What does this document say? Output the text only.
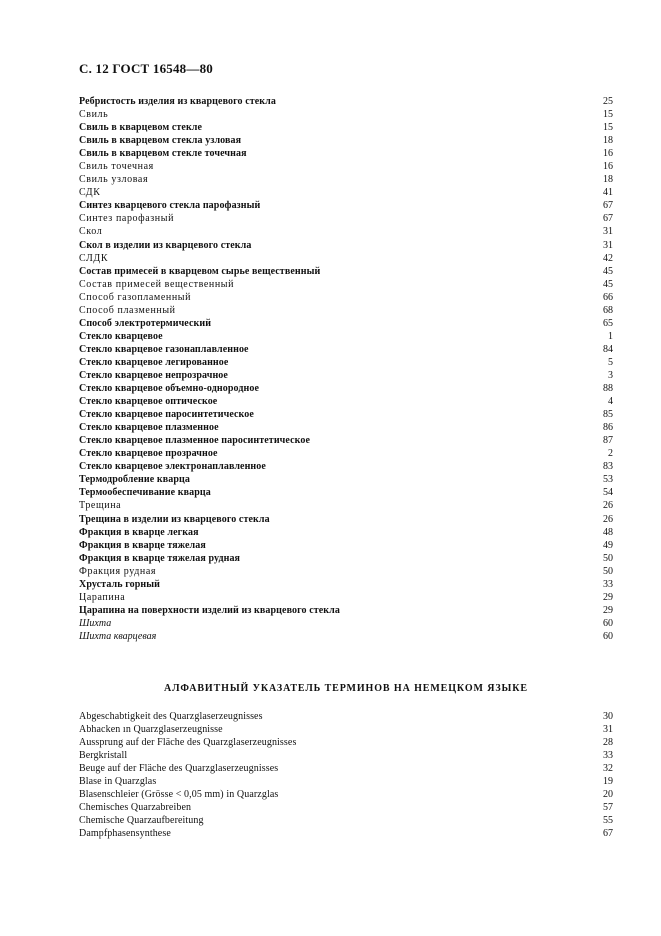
С. 12 ГОСТ 16548—80
Ребристость изделия из кварцевого стекла	25
Свиль	15
Свиль в кварцевом стекле	15
Свиль в кварцевом стекла узловая	18
Свиль в кварцевом стекле точечная	16
Свиль точечная	16
Свиль узловая	18
СДК	41
Синтез кварцевого стекла парофазный	67
Синтез парофазный	67
Скол	31
Скол в изделии из кварцевого стекла	31
СЛДК	42
Состав примесей в кварцевом сырье вещественный	45
Состав примесей вещественный	45
Способ газопламенный	66
Способ плазменный	68
Способ электротермический	65
Стекло кварцевое	1
Стекло кварцевое газонаплавленное	84
Стекло кварцевое легированное	5
Стекло кварцевое непрозрачное	3
Стекло кварцевое объемно-однородное	88
Стекло кварцевое оптическое	4
Стекло кварцевое паросинтетическое	85
Стекло кварцевое плазменное	86
Стекло кварцевое плазменное паросинтетическое	87
Стекло кварцевое прозрачное	2
Стекло кварцевое электронаплавленное	83
Термодробление кварца	53
Термообеспечивание кварца	54
Трещина	26
Трещина в изделии из кварцевого стекла	26
Фракция в кварце легкая	48
Фракция в кварце тяжелая	49
Фракция в кварце тяжелая рудная	50
Фракция рудная	50
Хрусталь горный	33
Царапина	29
Царапина на поверхности изделий из кварцевого стекла	29
Шихта	60
Шихта кварцевая	60
АЛФАВИТНЫЙ УКАЗАТЕЛЬ ТЕРМИНОВ НА НЕМЕЦКОМ ЯЗЫКЕ
Abgeschabtigkeit des Quarzglaserzeugnisses	30
Abhacken ın Quarzglaserzeugnisse	31
Aussprung auf der Fläche des Quarzglaserzeugnisses	28
Bergkristall	33
Beuge auf der Fläche des Quarzglaserzeugnisses	32
Blase in Quarzglas	19
Blasenschleier (Grösse < 0,05 mm) in Quarzglas	20
Chemisches Quarzabreiben	57
Chemische Quarzaufbereitung	55
Dampfphasensynthese	67
